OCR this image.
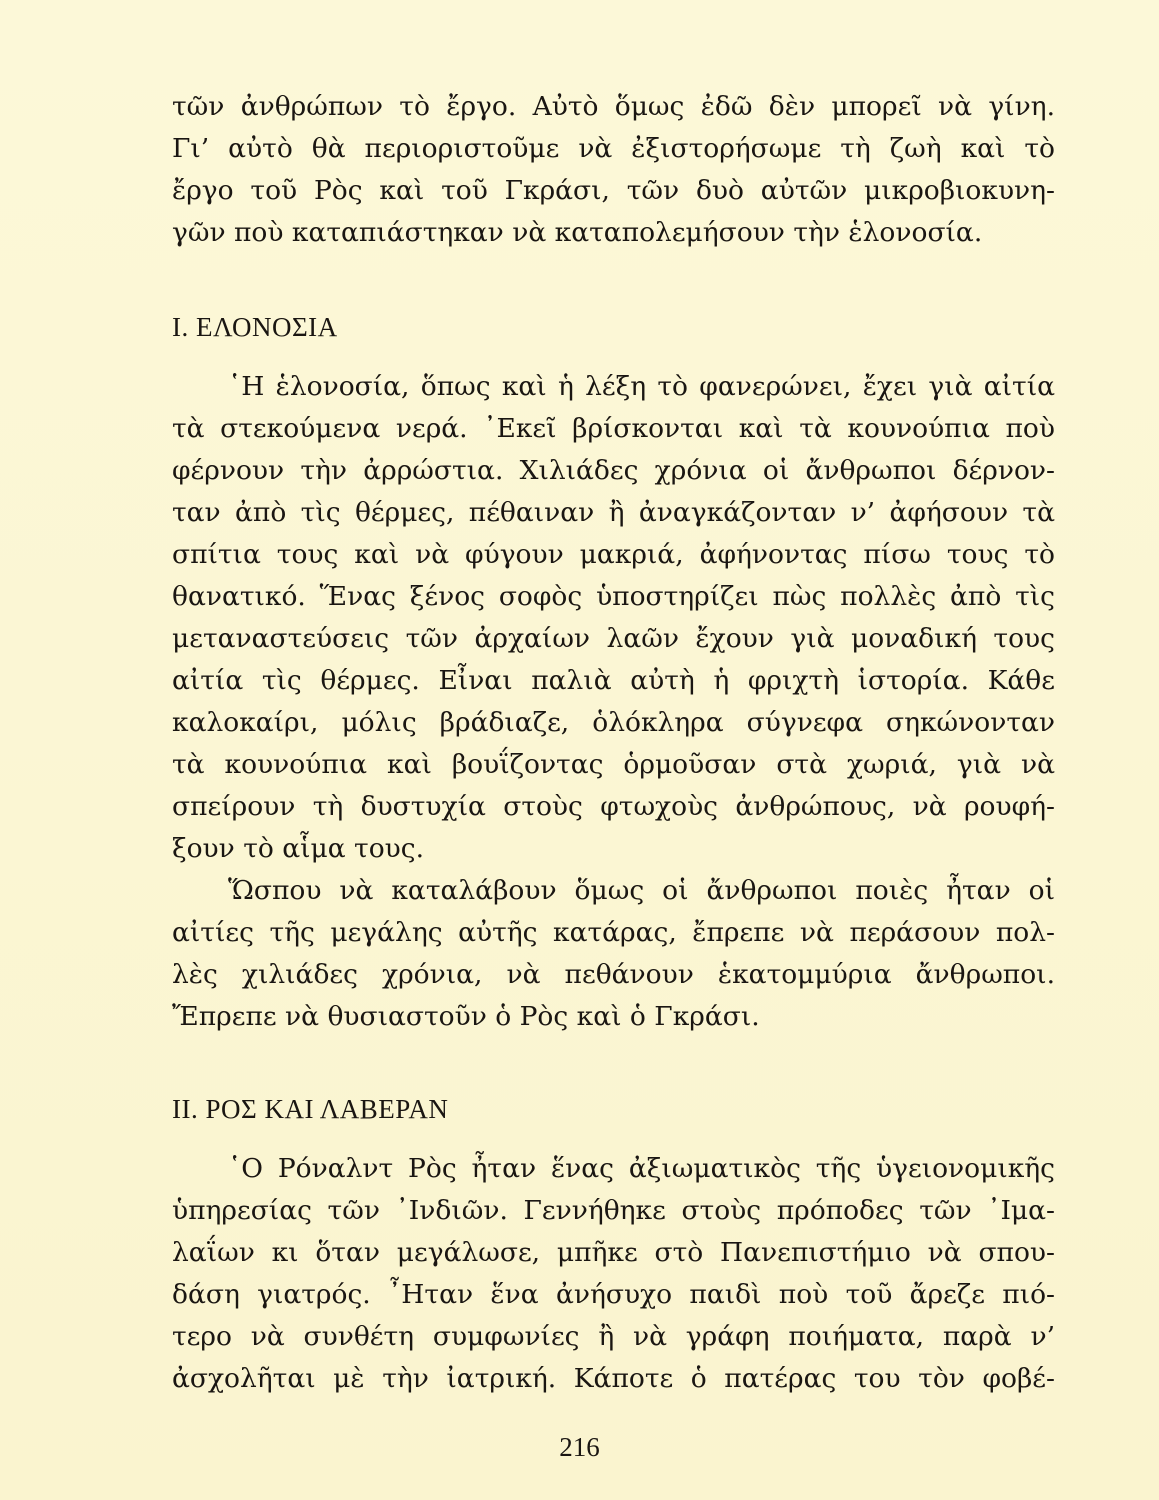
τῶν ἀνθρώπων τὸ ἔργο. Αὐτὸ ὅμως ἐδῶ δὲν μπορεῖ νὰ γίνη.
Γι’ αὐτὸ θὰ περιοριστοῦμε νὰ ἐξιστορήσωμε τὴ ζωὴ καὶ τὸ
ἔργο τοῦ Ρὸς καὶ τοῦ Γκράσι, τῶν δυὸ αὐτῶν μικροβιοκυνη-
γῶν ποὺ καταπιάστηκαν νὰ καταπολεμήσουν τὴν ἑλονοσία.
I. ΕΛΟΝΟΣΙΑ
῾Η ἑλονοσία, ὅπως καὶ ἡ λέξη τὸ φανερώνει, ἔχει γιὰ αἰτία
τὰ στεκούμενα νερά. ᾿Εκεῖ βρίσκονται καὶ τὰ κουνούπια ποὺ
φέρνουν τὴν ἀρρώστια. Χιλιάδες χρόνια οἱ ἄνθρωποι δέρνον-
ταν ἀπὸ τὶς θέρμες, πέθαιναν ἢ ἀναγκάζονταν ν’ ἀφήσουν τὰ
σπίτια τους καὶ νὰ φύγουν μακριά, ἀφήνοντας πίσω τους τὸ
θανατικό. Ἕνας ξένος σοφὸς ὑποστηρίζει πὼς πολλὲς ἀπὸ τὶς
μεταναστεύσεις τῶν ἀρχαίων λαῶν ἔχουν γιὰ μοναδική τους
αἰτία τὶς θέρμες. Εἶναι παλιὰ αὐτὴ ἡ φριχτὴ ἱστορία. Κάθε
καλοκαίρι, μόλις βράδιαζε, ὁλόκληρα σύγνεφα σηκώνονταν
τὰ κουνούπια καὶ βουΐζοντας ὁρμοῦσαν στὰ χωριά, γιὰ νὰ
σπείρουν τὴ δυστυχία στοὺς φτωχοὺς ἀνθρώπους, νὰ ρουφή-
ξουν τὸ αἷμα τους.
Ὥσπου νὰ καταλάβουν ὅμως οἱ ἄνθρωποι ποιὲς ἦταν οἱ
αἰτίες τῆς μεγάλης αὐτῆς κατάρας, ἔπρεπε νὰ περάσουν πολ-
λὲς χιλιάδες χρόνια, νὰ πεθάνουν ἑκατομμύρια ἄνθρωποι.
Ἔπρεπε νὰ θυσιαστοῦν ὁ Ρὸς καὶ ὁ Γκράσι.
II. ΡΟΣ ΚΑΙ ΛΑΒΕΡΑΝ
῾Ο Ρόναλντ Ρὸς ἦταν ἕνας ἀξιωματικὸς τῆς ὑγειονομικῆς
ὑπηρεσίας τῶν ᾿Ινδιῶν. Γεννήθηκε στοὺς πρόποδες τῶν ᾿Ιμα-
λαΐων κι ὅταν μεγάλωσε, μπῆκε στὸ Πανεπιστήμιο νὰ σπου-
δάση γιατρός. ῏Ηταν ἕνα ἀνήσυχο παιδὶ ποὺ τοῦ ἄρεζε πιό-
τερο νὰ συνθέτη συμφωνίες ἢ νὰ γράφη ποιήματα, παρὰ ν’
ἀσχολῆται μὲ τὴν ἰατρική. Κάποτε ὁ πατέρας του τὸν φοβέ-
216
